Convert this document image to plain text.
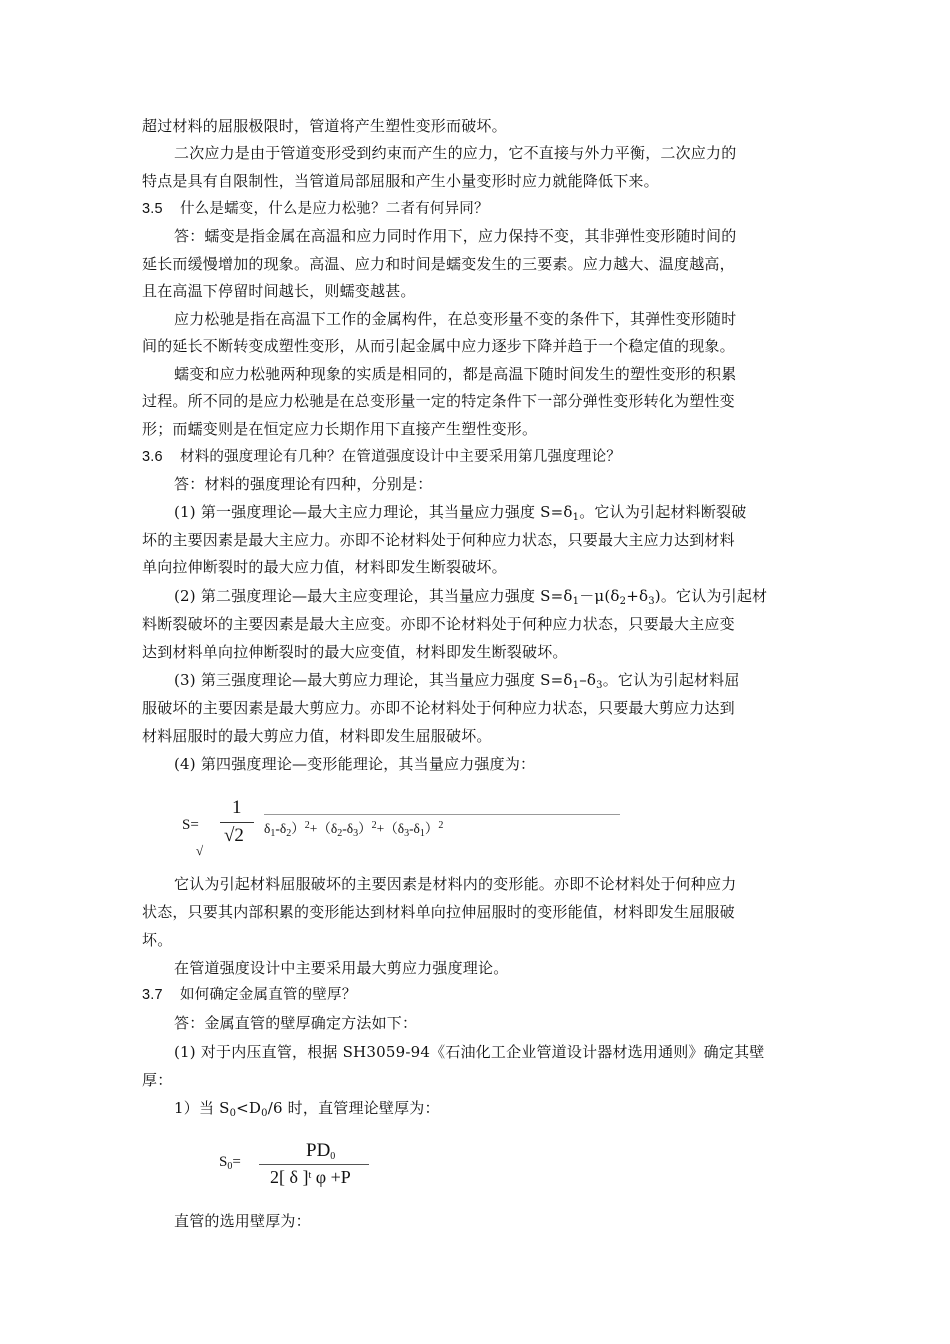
超过材料的屈服极限时，管道将产生塑性变形而破坏。
二次应力是由于管道变形受到约束而产生的应力，它不直接与外力平衡，二次应力的
特点是具有自限制性，当管道局部屈服和产生小量变形时应力就能降低下来。
3.5 什么是蠕变，什么是应力松驰？二者有何异同？
答：蠕变是指金属在高温和应力同时作用下，应力保持不变，其非弹性变形随时间的
延长而缓慢增加的现象。高温、应力和时间是蠕变发生的三要素。应力越大、温度越高，
且在高温下停留时间越长，则蠕变越甚。
应力松驰是指在高温下工作的金属构件，在总变形量不变的条件下，其弹性变形随时
间的延长不断转变成塑性变形，从而引起金属中应力逐步下降并趋于一个稳定值的现象。
蠕变和应力松驰两种现象的实质是相同的，都是高温下随时间发生的塑性变形的积累
过程。所不同的是应力松驰是在总变形量一定的特定条件下一部分弹性变形转化为塑性变
形；而蠕变则是在恒定应力长期作用下直接产生塑性变形。
3.6 材料的强度理论有几种？在管道强度设计中主要采用第几强度理论？
答：材料的强度理论有四种，分别是：
(1) 第一强度理论—最大主应力理论，其当量应力强度 $S=\delta_1$。它认为引起材料断裂破
坏的主要因素是最大主应力。亦即不论材料处于何种应力状态，只要最大主应力达到材料
单向拉伸断裂时的最大应力值，材料即发生断裂破坏。
(2) 第二强度理论—最大主应变理论，其当量应力强度 $S=\delta_1-\mu(\delta_2+\delta_3)$。它认为引起材
料断裂破坏的主要因素是最大主应变。亦即不论材料处于何种应力状态，只要最大主应变
达到材料单向拉伸断裂时的最大应变值，材料即发生断裂破坏。
(3) 第三强度理论—最大剪应力理论，其当量应力强度 $S=\delta_1-\delta_3$。它认为引起材料屈
服破坏的主要因素是最大剪应力。亦即不论材料处于何种应力状态，只要最大剪应力达到
材料屈服时的最大剪应力值，材料即发生屈服破坏。
(4) 第四强度理论—变形能理论，其当量应力强度为：
S=
1
√2
√
$\delta_1-\delta_2)^2+(\delta_2-\delta_3)^2+(\delta_3-\delta_1)^2$
它认为引起材料屈服破坏的主要因素是材料内的变形能。亦即不论材料处于何种应力
状态，只要其内部积累的变形能达到材料单向拉伸屈服时的变形能值，材料即发生屈服破
坏。
在管道强度设计中主要采用最大剪应力强度理论。
3.7 如何确定金属直管的壁厚？
答：金属直管的壁厚确定方法如下：
(1) 对于内压直管，根据 SH3059-94《石油化工企业管道设计器材选用通则》确定其壁
厚：
1）当 $S_0<D_0/6$ 时，直管理论壁厚为：
$S_0=$
$PD_0$
2[ δ ]$^t$ φ +P
直管的选用壁厚为：
